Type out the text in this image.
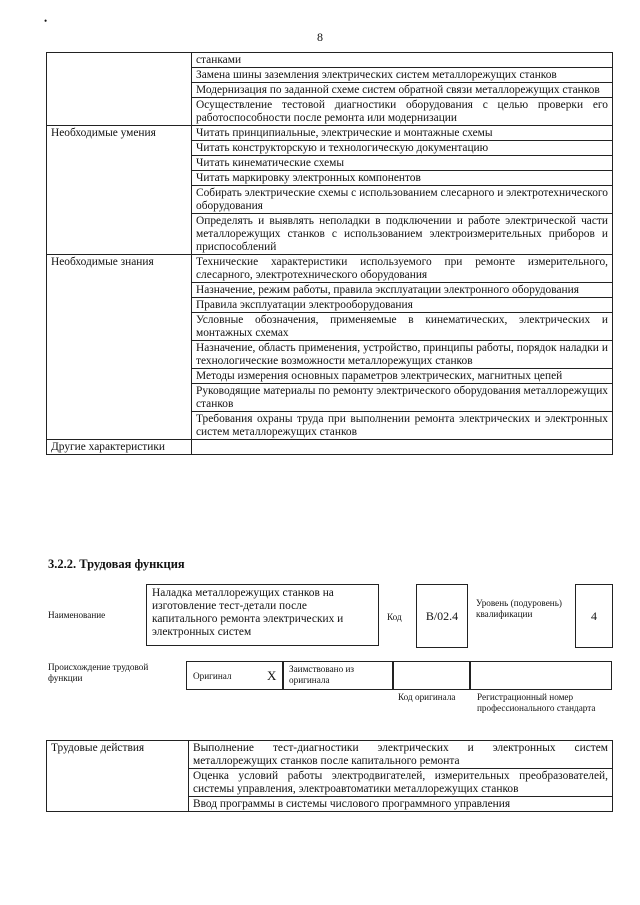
8
•
	станками
	Замена шины заземления электрических систем металлорежущих станков
	Модернизация по заданной схеме систем обратной связи металлорежущих станков
	Осуществление тестовой диагностики оборудования с целью проверки его работоспособности после ремонта или модернизации
Необходимые умения	Читать принципиальные, электрические и монтажные схемы
	Читать конструкторскую и технологическую документацию
	Читать кинематические схемы
	Читать маркировку электронных компонентов
	Собирать электрические схемы с использованием слесарного и электротехнического оборудования
	Определять и выявлять неполадки в подключении и работе электрической части металлорежущих станков с использованием электроизмерительных приборов и приспособлений
Необходимые знания	Технические характеристики используемого при ремонте измерительного, слесарного, электротехнического оборудования
	Назначение, режим работы, правила эксплуатации электронного оборудования
	Правила эксплуатации электрооборудования
	Условные обозначения, применяемые в кинематических, электрических и монтажных схемах
	Назначение, область применения, устройство, принципы работы, порядок наладки и технологические возможности металлорежущих станков
	Методы измерения основных параметров электрических, магнитных цепей
	Руководящие материалы по ремонту электрического оборудования металлорежущих станков
	Требования охраны труда при выполнении ремонта электрических и электронных систем металлорежущих станков
Другие характеристики	
3.2.2. Трудовая функция
Наименование
Наладка металлорежущих станков на изготовление тест-детали после капитального ремонта электрических и электронных систем
Код	B/02.4
Уровень (подуровень) квалификации	4
Происхождение трудовой функции	Оригинал	Х Заимствовано из оригинала
Код оригинала	Регистрационный номер профессионального стандарта
Трудовые действия	Выполнение тест-диагностики электрических и электронных систем металлорежущих станков после капитального ремонта
Оценка условий работы электродвигателей, измерительных преобразователей, системы управления, электроавтоматики металлорежущих станков
Ввод программы в системы числового программного управления
